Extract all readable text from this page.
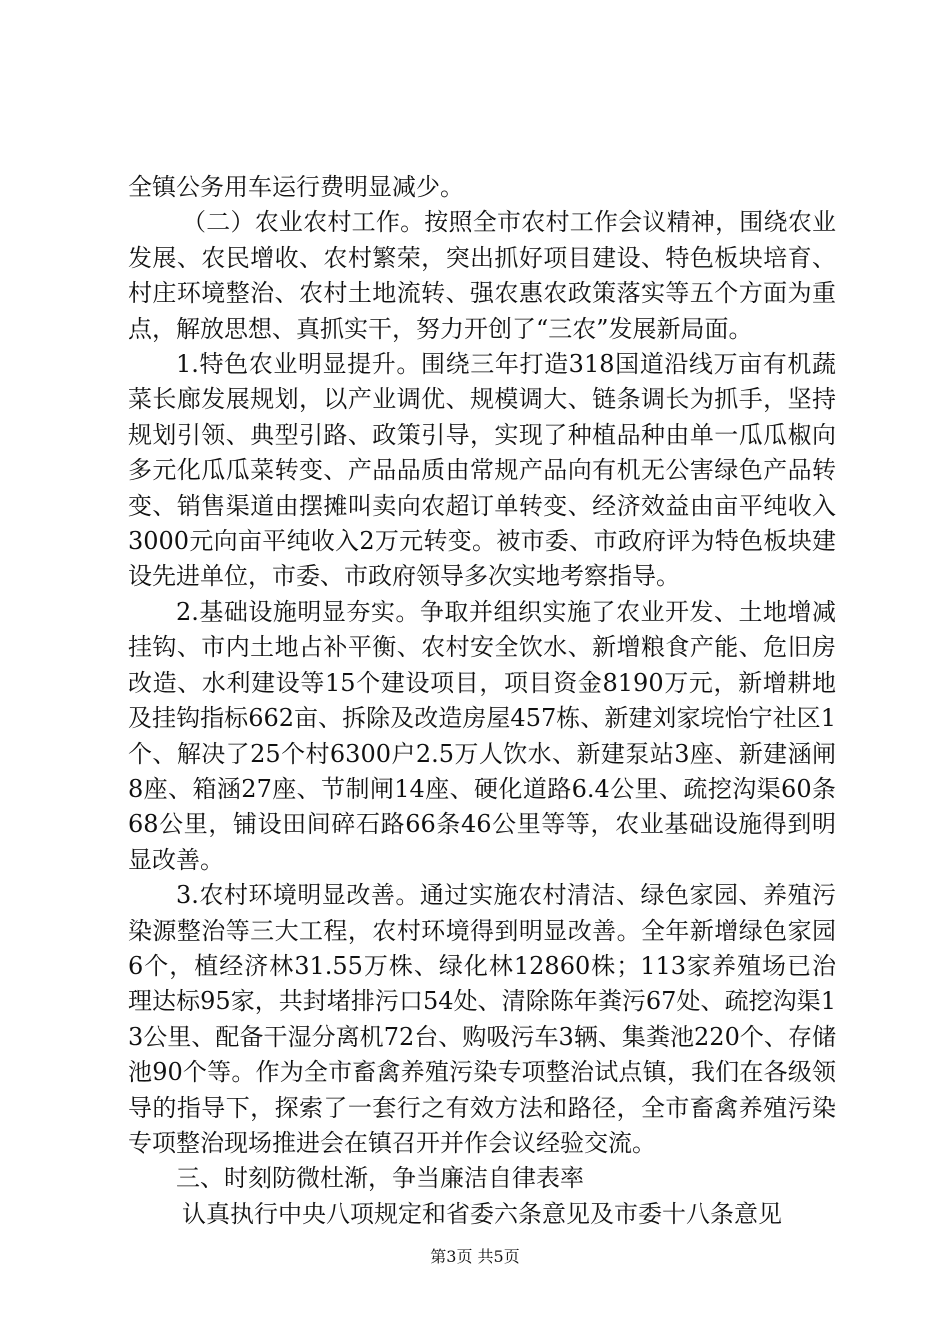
全镇公务用车运行费明显减少。

（二）农业农村工作。按照全市农村工作会议精神，围绕农业发展、农民增收、农村繁荣，突出抓好项目建设、特色板块培育、村庄环境整治、农村土地流转、强农惠农政策落实等五个方面为重点，解放思想、真抓实干，努力开创了“三农”发展新局面。

1.特色农业明显提升。围绕三年打造318国道沿线万亩有机蔬菜长廊发展规划，以产业调优、规模调大、链条调长为抓手，坚持规划引领、典型引路、政策引导，实现了种植品种由单一瓜瓜椒向多元化瓜瓜菜转变、产品品质由常规产品向有机无公害绿色产品转变、销售渠道由摆摊叫卖向农超订单转变、经济效益由亩平纯收入3000元向亩平纯收入2万元转变。被市委、市政府评为特色板块建设先进单位，市委、市政府领导多次实地考察指导。

2.基础设施明显夯实。争取并组织实施了农业开发、土地增减挂钩、市内土地占补平衡、农村安全饮水、新增粮食产能、危旧房改造、水利建设等15个建设项目，项目资金8190万元，新增耕地及挂钩指标662亩、拆除及改造房屋457栋、新建刘家垸怡宁社区1个、解决了25个村6300户2.5万人饮水、新建泵站3座、新建涵闸8座、箱涵27座、节制闸14座、硬化道路6.4公里、疏挖沟渠60条68公里，铺设田间碎石路66条46公里等等，农业基础设施得到明显改善。

3.农村环境明显改善。通过实施农村清洁、绿色家园、养殖污染源整治等三大工程，农村环境得到明显改善。全年新增绿色家园6个，植经济林31.55万株、绿化林12860株；113家养殖场已治理达标95家，共封堵排污口54处、清除陈年粪污67处、疏挖沟渠13公里、配备干湿分离机72台、购吸污车3辆、集粪池220个、存储池90个等。作为全市畜禽养殖污染专项整治试点镇，我们在各级领导的指导下，探索了一套行之有效方法和路径，全市畜禽养殖污染专项整治现场推进会在镇召开并作会议经验交流。

三、时刻防微杜渐，争当廉洁自律表率

认真执行中央八项规定和省委六条意见及市委十八条意见

第3页 共5页
